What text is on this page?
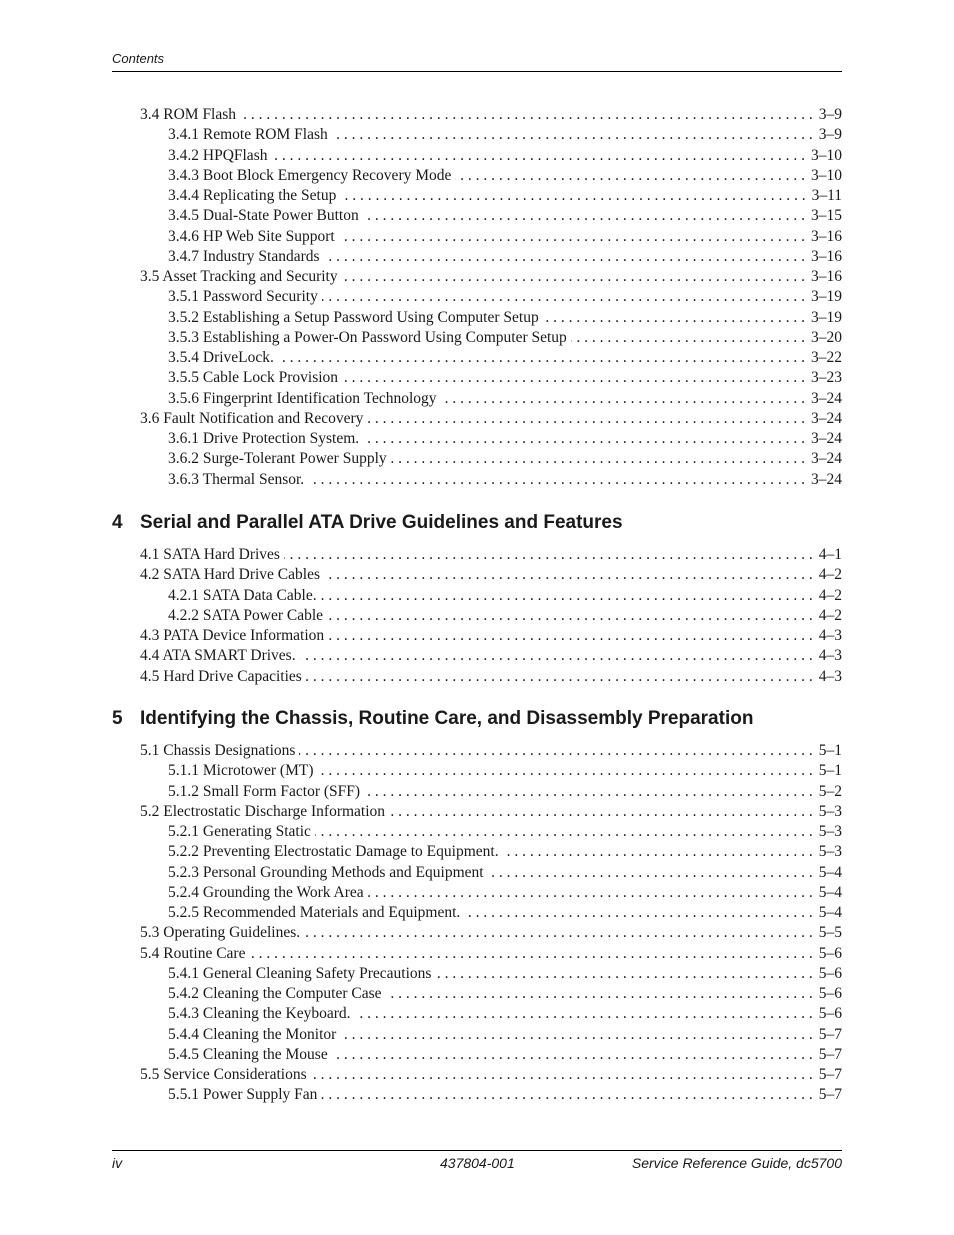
Contents
3.4 ROM Flash . . .	3–9
3.4.1 Remote ROM Flash . . .	3–9
3.4.2 HPQFlash . . .	3–10
3.4.3 Boot Block Emergency Recovery Mode . . .	3–10
3.4.4 Replicating the Setup . . .	3–11
3.4.5 Dual-State Power Button . . .	3–15
3.4.6 HP Web Site Support . . .	3–16
3.4.7 Industry Standards . . .	3–16
3.5 Asset Tracking and Security . . .	3–16
3.5.1 Password Security . . .	3–19
3.5.2 Establishing a Setup Password Using Computer Setup . . .	3–19
3.5.3 Establishing a Power-On Password Using Computer Setup . . .	3–20
3.5.4 DriveLock. . . .	3–22
3.5.5 Cable Lock Provision . . .	3–23
3.5.6 Fingerprint Identification Technology . . .	3–24
3.6 Fault Notification and Recovery . . .	3–24
3.6.1 Drive Protection System. . . .	3–24
3.6.2 Surge-Tolerant Power Supply . . .	3–24
3.6.3 Thermal Sensor. . . .	3–24
4 Serial and Parallel ATA Drive Guidelines and Features
4.1 SATA Hard Drives . . .	4–1
4.2 SATA Hard Drive Cables . . .	4–2
4.2.1 SATA Data Cable. . . .	4–2
4.2.2 SATA Power Cable . . .	4–2
4.3 PATA Device Information . . .	4–3
4.4 ATA SMART Drives. . . .	4–3
4.5 Hard Drive Capacities . . .	4–3
5 Identifying the Chassis, Routine Care, and Disassembly Preparation
5.1 Chassis Designations . . .	5–1
5.1.1 Microtower (MT) . . .	5–1
5.1.2 Small Form Factor (SFF) . . .	5–2
5.2 Electrostatic Discharge Information . . .	5–3
5.2.1 Generating Static . . .	5–3
5.2.2 Preventing Electrostatic Damage to Equipment. . . .	5–3
5.2.3 Personal Grounding Methods and Equipment . . .	5–4
5.2.4 Grounding the Work Area . . .	5–4
5.2.5 Recommended Materials and Equipment. . . .	5–4
5.3 Operating Guidelines. . . .	5–5
5.4 Routine Care . . .	5–6
5.4.1 General Cleaning Safety Precautions . . .	5–6
5.4.2 Cleaning the Computer Case . . .	5–6
5.4.3 Cleaning the Keyboard. . . .	5–6
5.4.4 Cleaning the Monitor . . .	5–7
5.4.5 Cleaning the Mouse . . .	5–7
5.5 Service Considerations . . .	5–7
5.5.1 Power Supply Fan . . .	5–7
iv	437804-001	Service Reference Guide, dc5700
